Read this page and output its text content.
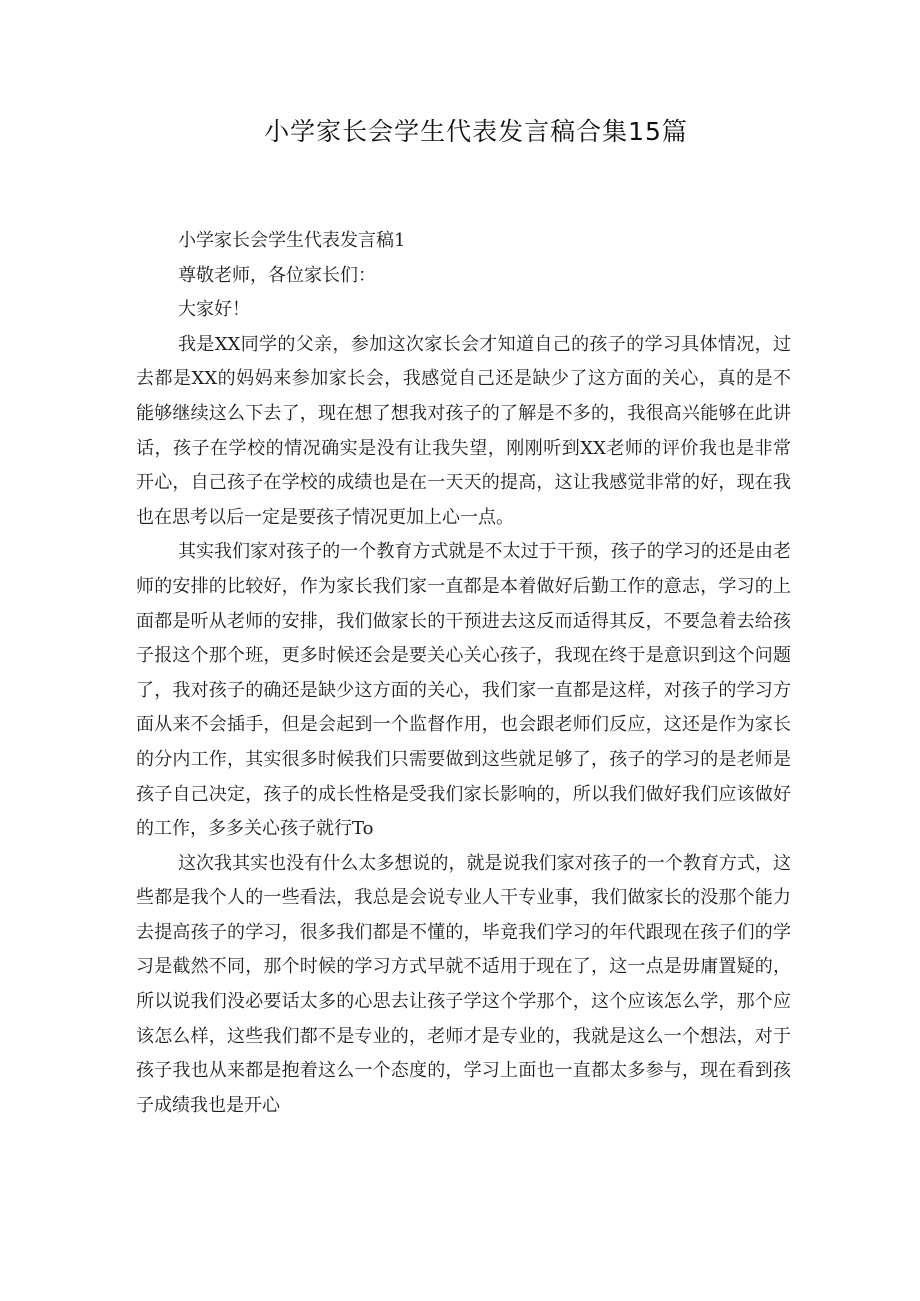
小学家长会学生代表发言稿合集15篇

小学家长会学生代表发言稿1

尊敬老师，各位家长们：

大家好！

我是XX同学的父亲，参加这次家长会才知道自己的孩子的学习具体情况，过去都是XX的妈妈来参加家长会，我感觉自己还是缺少了这方面的关心，真的是不能够继续这么下去了，现在想了想我对孩子的了解是不多的，我很高兴能够在此讲话，孩子在学校的情况确实是没有让我失望，刚刚听到XX老师的评价我也是非常开心，自己孩子在学校的成绩也是在一天天的提高，这让我感觉非常的好，现在我也在思考以后一定是要孩子情况更加上心一点。

其实我们家对孩子的一个教育方式就是不太过于干预，孩子的学习的还是由老师的安排的比较好，作为家长我们家一直都是本着做好后勤工作的意志，学习的上面都是听从老师的安排，我们做家长的干预进去这反而适得其反，不要急着去给孩子报这个那个班，更多时候还会是要关心关心孩子，我现在终于是意识到这个问题了，我对孩子的确还是缺少这方面的关心，我们家一直都是这样，对孩子的学习方面从来不会插手，但是会起到一个监督作用，也会跟老师们反应，这还是作为家长的分内工作，其实很多时候我们只需要做到这些就足够了，孩子的学习的是老师是孩子自己决定，孩子的成长性格是受我们家长影响的，所以我们做好我们应该做好的工作，多多关心孩子就行To

这次我其实也没有什么太多想说的，就是说我们家对孩子的一个教育方式，这些都是我个人的一些看法，我总是会说专业人干专业事，我们做家长的没那个能力去提高孩子的学习，很多我们都是不懂的，毕竟我们学习的年代跟现在孩子们的学习是截然不同，那个时候的学习方式早就不适用于现在了，这一点是毋庸置疑的，所以说我们没必要话太多的心思去让孩子学这个学那个，这个应该怎么学，那个应该怎么样，这些我们都不是专业的，老师才是专业的，我就是这么一个想法，对于孩子我也从来都是抱着这么一个态度的，学习上面也一直都太多参与，现在看到孩子成绩我也是开心
